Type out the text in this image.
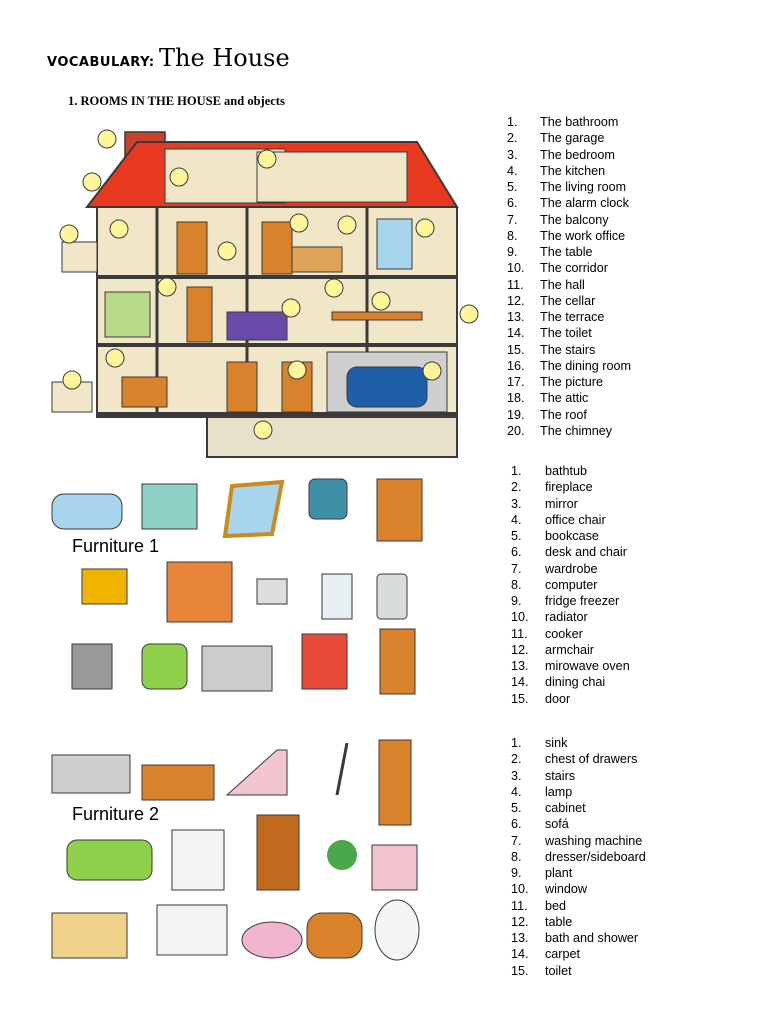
VOCABULARY: The House
1. ROOMS IN THE HOUSE and objects
1. The bathroom
2. The garage
3. The bedroom
4. The kitchen
5. The living room
6. The alarm clock
7. The balcony
8. The work office
9. The table
10. The corridor
11. The hall
12. The cellar
13. The terrace
14. The toilet
15. The stairs
16. The dining room
17. The picture
18. The attic
19. The roof
20. The chimney
Furniture 1
1. bathtub
2. fireplace
3. mirror
4. office chair
5. bookcase
6. desk and chair
7. wardrobe
8. computer
9. fridge freezer
10. radiator
11. cooker
12. armchair
13. mirowave oven
14. dining chai
15. door
Furniture 2
1. sink
2. chest of drawers
3. stairs
4. lamp
5. cabinet
6. sofá
7. washing machine
8. dresser/sideboard
9. plant
10. window
11. bed
12. table
13. bath and shower
14. carpet
15. toilet
